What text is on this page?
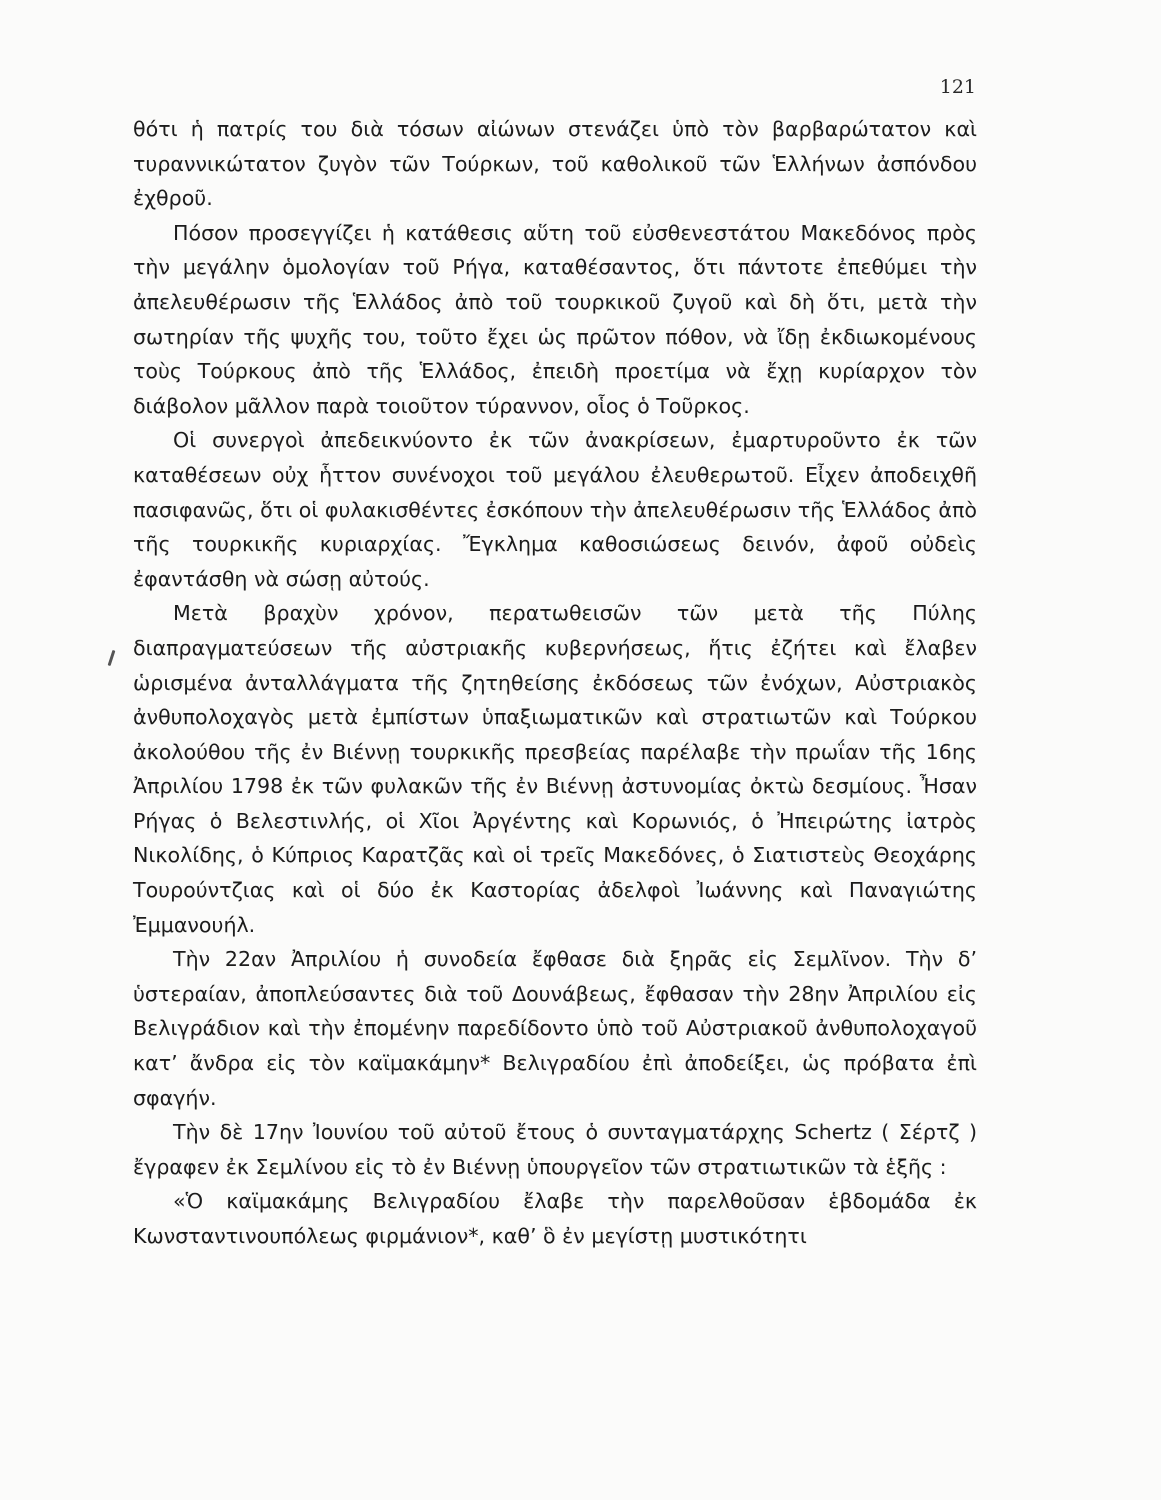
121

θότι ἡ πατρίς του διὰ τόσων αἰώνων στενάζει ὑπὸ τὸν βαρβαρώτατον καὶ τυραννικώτατον ζυγὸν τῶν Τούρκων, τοῦ καθολικοῦ τῶν Ἑλλήνων ἀσπόνδου ἐχθροῦ.

Πόσον προσεγγίζει ἡ κατάθεσις αὕτη τοῦ εὐσθενεστάτου Μακεδόνος πρὸς τὴν μεγάλην ὁμολογίαν τοῦ Ρήγα, καταθέσαντος, ὅτι πάντοτε ἐπεθύμει τὴν ἀπελευθέρωσιν τῆς Ἑλλάδος ἀπὸ τοῦ τουρκικοῦ ζυγοῦ καὶ δὴ ὅτι, μετὰ τὴν σωτηρίαν τῆς ψυχῆς του, τοῦτο ἔχει ὡς πρῶτον πόθον, νὰ ἴδῃ ἐκδιωκομένους τοὺς Τούρκους ἀπὸ τῆς Ἑλλάδος, ἐπειδὴ προετίμα νὰ ἔχῃ κυρίαρχον τὸν διάβολον μᾶλλον παρὰ τοιοῦτον τύραννον, οἷος ὁ Τοῦρκος.

Οἱ συνεργοὶ ἀπεδεικνύοντο ἐκ τῶν ἀνακρίσεων, ἐμαρτυροῦντο ἐκ τῶν καταθέσεων οὐχ ἧττον συνένοχοι τοῦ μεγάλου ἐλευθερωτοῦ. Εἶχεν ἀποδειχθῆ πασιφανῶς, ὅτι οἱ φυλακισθέντες ἐσκόπουν τὴν ἀπελευθέρωσιν τῆς Ἑλλάδος ἀπὸ τῆς τουρκικῆς κυριαρχίας. Ἔγκλημα καθοσιώσεως δεινόν, ἀφοῦ οὐδεὶς ἐφαντάσθη νὰ σώσῃ αὐτούς.

Μετὰ βραχὺν χρόνον, περατωθεισῶν τῶν μετὰ τῆς Πύλης διαπραγματεύσεων τῆς αὐστριακῆς κυβερνήσεως, ἥτις ἐζήτει καὶ ἔλαβεν ὡρισμένα ἀνταλλάγματα τῆς ζητηθείσης ἐκδόσεως τῶν ἐνόχων, Αὐστριακὸς ἀνθυπολοχαγὸς μετὰ ἐμπίστων ὑπαξιωματικῶν καὶ στρατιωτῶν καὶ Τούρκου ἀκολούθου τῆς ἐν Βιέννῃ τουρκικῆς πρεσβείας παρέλαβε τὴν πρωΐαν τῆς 16ης Ἀπριλίου 1798 ἐκ τῶν φυλακῶν τῆς ἐν Βιέννῃ ἀστυνομίας ὀκτὼ δεσμίους. Ἦσαν Ρήγας ὁ Βελεστινλής, οἱ Χῖοι Ἀργέντης καὶ Κορωνιός, ὁ Ἠπειρώτης ἰατρὸς Νικολίδης, ὁ Κύπριος Καρατζᾶς καὶ οἱ τρεῖς Μακεδόνες, ὁ Σιατιστεὺς Θεοχάρης Τουρούντζιας καὶ οἱ δύο ἐκ Καστορίας ἀδελφοὶ Ἰωάννης καὶ Παναγιώτης Ἐμμανουήλ.

Τὴν 22αν Ἀπριλίου ἡ συνοδεία ἔφθασε διὰ ξηρᾶς εἰς Σεμλῖνον. Τὴν δ’ ὑστεραίαν, ἀποπλεύσαντες διὰ τοῦ Δουνάβεως, ἔφθασαν τὴν 28ην Ἀπριλίου εἰς Βελιγράδιον καὶ τὴν ἐπομένην παρεδίδοντο ὑπὸ τοῦ Αὐστριακοῦ ἀνθυπολοχαγοῦ κατ’ ἄνδρα εἰς τὸν καϊμακάμην* Βελιγραδίου ἐπὶ ἀποδείξει, ὡς πρόβατα ἐπὶ σφαγήν.

Τὴν δὲ 17ην Ἰουνίου τοῦ αὐτοῦ ἔτους ὁ συνταγματάρχης Schertz ( Σέρτζ ) ἔγραφεν ἐκ Σεμλίνου εἰς τὸ ἐν Βιέννῃ ὑπουργεῖον τῶν στρατιωτικῶν τὰ ἑξῆς :

«Ὁ καϊμακάμης Βελιγραδίου ἔλαβε τὴν παρελθοῦσαν ἑβδομάδα ἐκ Κωνσταντινουπόλεως φιρμάνιον*, καθ’ ὃ ἐν μεγίστῃ μυστικότητι
